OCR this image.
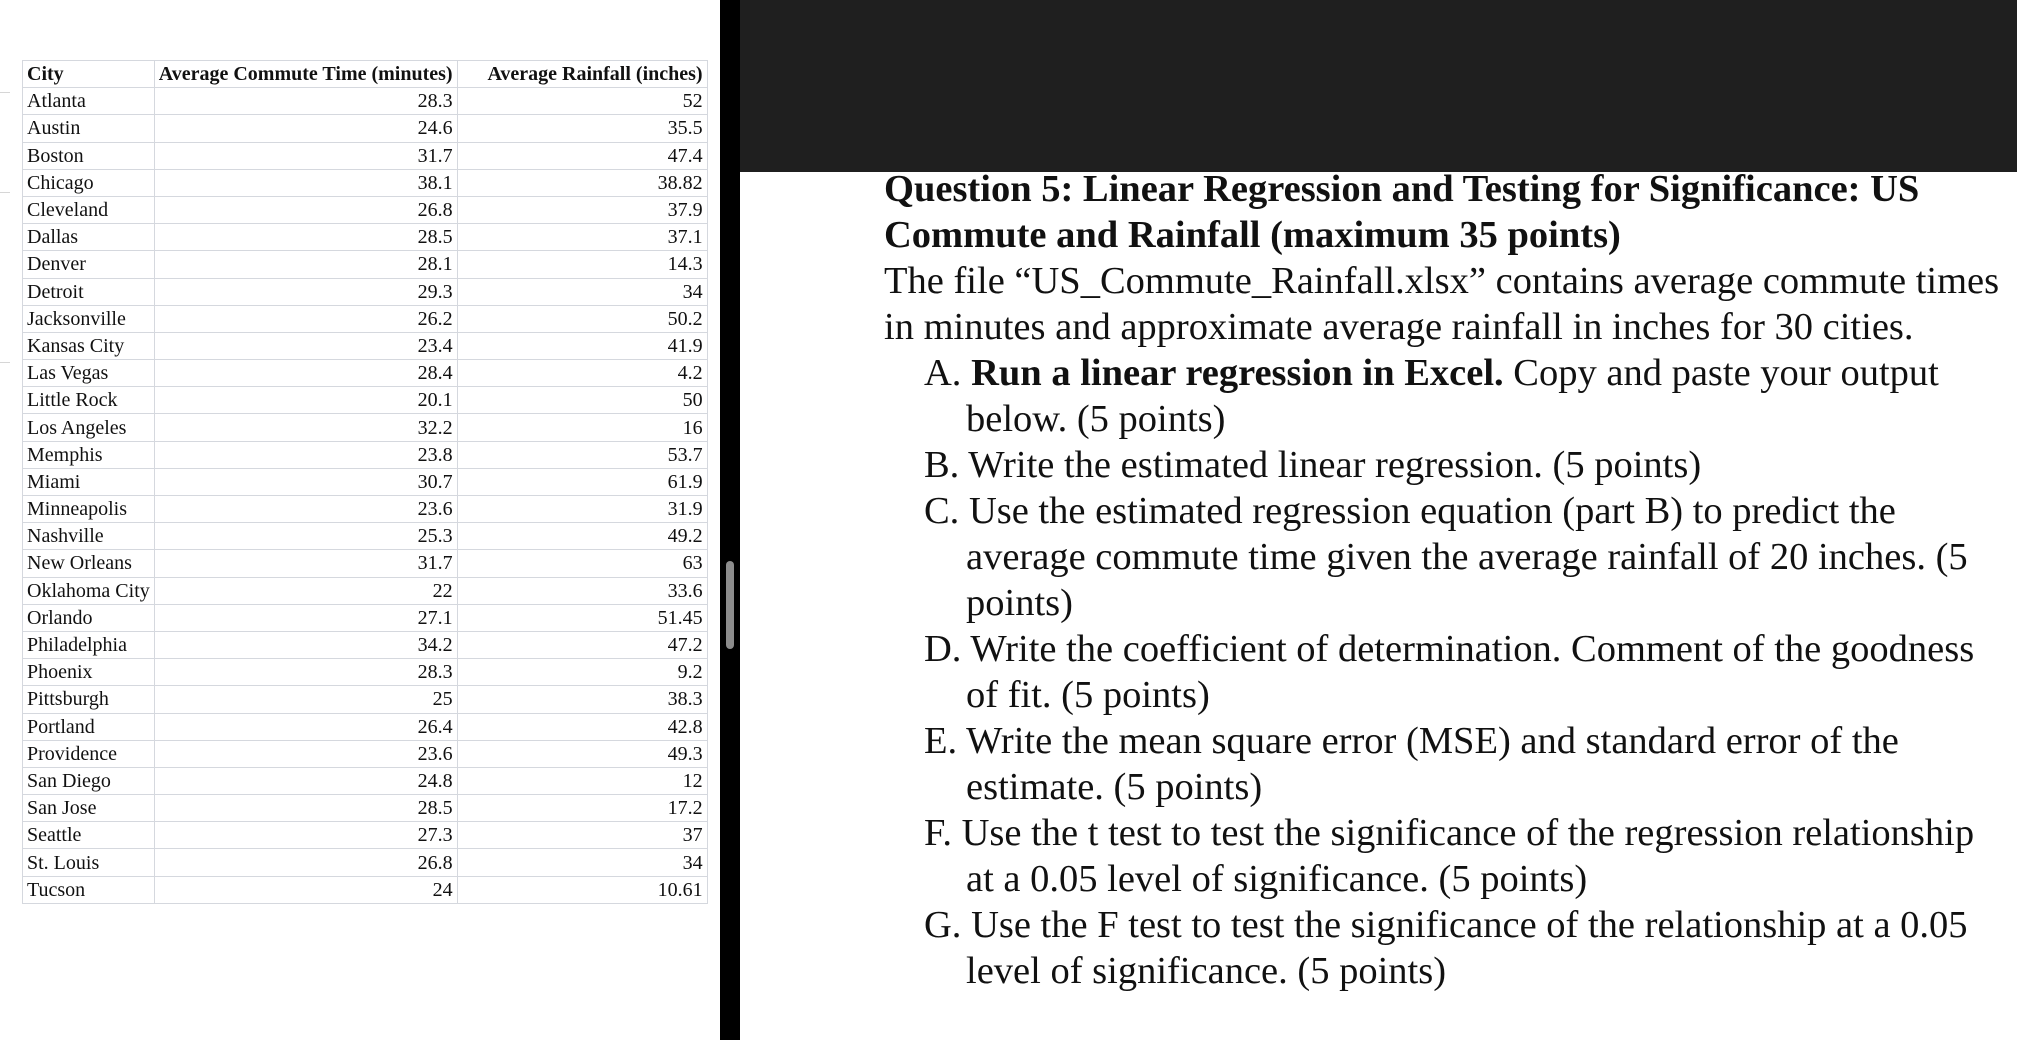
City	Average Commute Time (minutes)	Average Rainfall (inches)
Atlanta	28.3	52
Austin	24.6	35.5
Boston	31.7	47.4
Chicago	38.1	38.82
Cleveland	26.8	37.9
Dallas	28.5	37.1
Denver	28.1	14.3
Detroit	29.3	34
Jacksonville	26.2	50.2
Kansas City	23.4	41.9
Las Vegas	28.4	4.2
Little Rock	20.1	50
Los Angeles	32.2	16
Memphis	23.8	53.7
Miami	30.7	61.9
Minneapolis	23.6	31.9
Nashville	25.3	49.2
New Orleans	31.7	63
Oklahoma City	22	33.6
Orlando	27.1	51.45
Philadelphia	34.2	47.2
Phoenix	28.3	9.2
Pittsburgh	25	38.3
Portland	26.4	42.8
Providence	23.6	49.3
San Diego	24.8	12
San Jose	28.5	17.2
Seattle	27.3	37
St. Louis	26.8	34
Tucson	24	10.61

Question 5: Linear Regression and Testing for Significance: US Commute and Rainfall (maximum 35 points)

The file “US_Commute_Rainfall.xlsx” contains average commute times in minutes and approximate average rainfall in inches for 30 cities.

A. Run a linear regression in Excel. Copy and paste your output below. (5 points)
B. Write the estimated linear regression. (5 points)
C. Use the estimated regression equation (part B) to predict the average commute time given the average rainfall of 20 inches. (5 points)
D. Write the coefficient of determination. Comment of the goodness of fit. (5 points)
E. Write the mean square error (MSE) and standard error of the estimate. (5 points)
F. Use the t test to test the significance of the regression relationship at a 0.05 level of significance. (5 points)
G. Use the F test to test the significance of the relationship at a 0.05 level of significance. (5 points)
